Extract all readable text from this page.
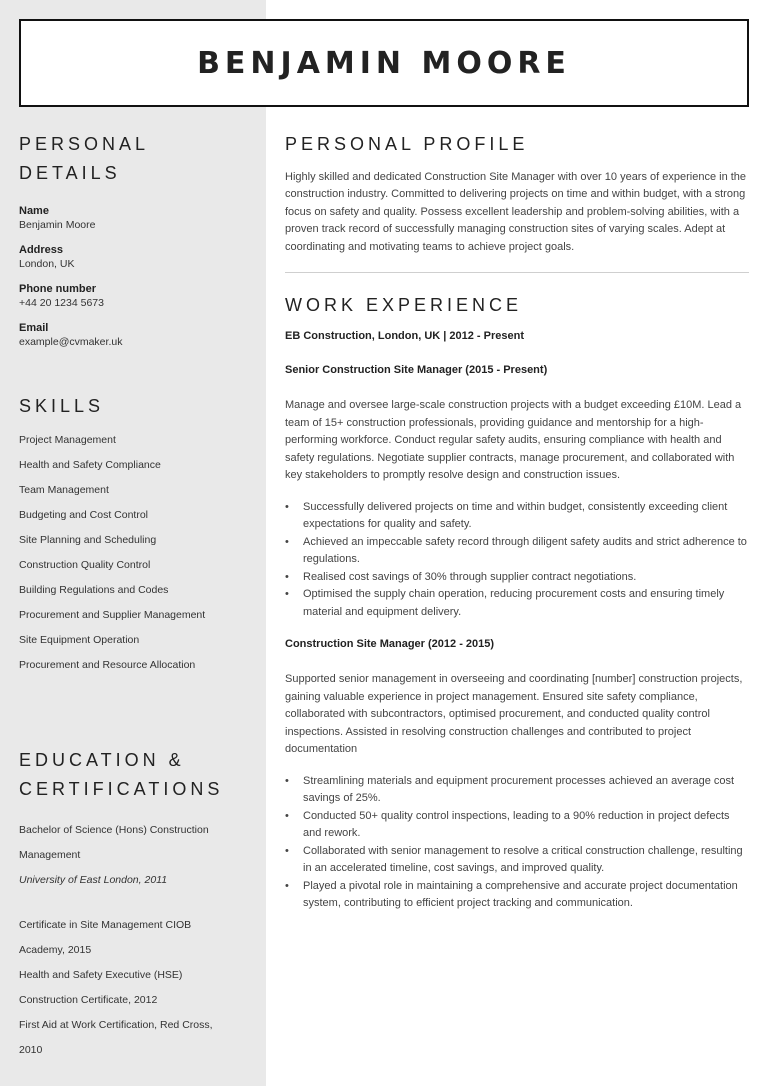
BENJAMIN MOORE
PERSONAL DETAILS
Name
Benjamin Moore
Address
London, UK
Phone number
+44 20 1234 5673
Email
example@cvmaker.uk
SKILLS
Project Management
Health and Safety Compliance
Team Management
Budgeting and Cost Control
Site Planning and Scheduling
Construction Quality Control
Building Regulations and Codes
Procurement and Supplier Management
Site Equipment Operation
Procurement and Resource Allocation
EDUCATION &
CERTIFICATIONS
Bachelor of Science (Hons) Construction
Management
University of East London, 2011
Certificate in Site Management CIOB
Academy, 2015
Health and Safety Executive (HSE)
Construction Certificate, 2012
First Aid at Work Certification, Red Cross,
2010
PERSONAL PROFILE

Highly skilled and dedicated Construction Site Manager with over 10 years of experience in the construction industry. Committed to delivering projects on time and within budget, with a strong focus on safety and quality. Possess excellent leadership and problem-solving abilities, with a proven track record of successfully managing construction sites of varying scales. Adept at coordinating and motivating teams to achieve project goals.

WORK EXPERIENCE
EB Construction, London, UK | 2012 - Present
Senior Construction Site Manager (2015 - Present)

Manage and oversee large-scale construction projects with a budget exceeding £10M. Lead a team of 15+ construction professionals, providing guidance and mentorship for a high-performing workforce. Conduct regular safety audits, ensuring compliance with health and safety regulations. Negotiate supplier contracts, manage procurement, and collaborated with key stakeholders to promptly resolve design and construction issues.

• Successfully delivered projects on time and within budget, consistently exceeding client expectations for quality and safety.
• Achieved an impeccable safety record through diligent safety audits and strict adherence to regulations.
• Realised cost savings of 30% through supplier contract negotiations.
• Optimised the supply chain operation, reducing procurement costs and ensuring timely material and equipment delivery.
Construction Site Manager (2012 - 2015)

Supported senior management in overseeing and coordinating [number] construction projects, gaining valuable experience in project management. Ensured site safety compliance, collaborated with subcontractors, optimised procurement, and conducted quality control inspections. Assisted in resolving construction challenges and contributed to project documentation

• Streamlining materials and equipment procurement processes achieved an average cost savings of 25%.
• Conducted 50+ quality control inspections, leading to a 90% reduction in project defects and rework.
• Collaborated with senior management to resolve a critical construction challenge, resulting in an accelerated timeline, cost savings, and improved quality.
• Played a pivotal role in maintaining a comprehensive and accurate project documentation system, contributing to efficient project tracking and communication.
